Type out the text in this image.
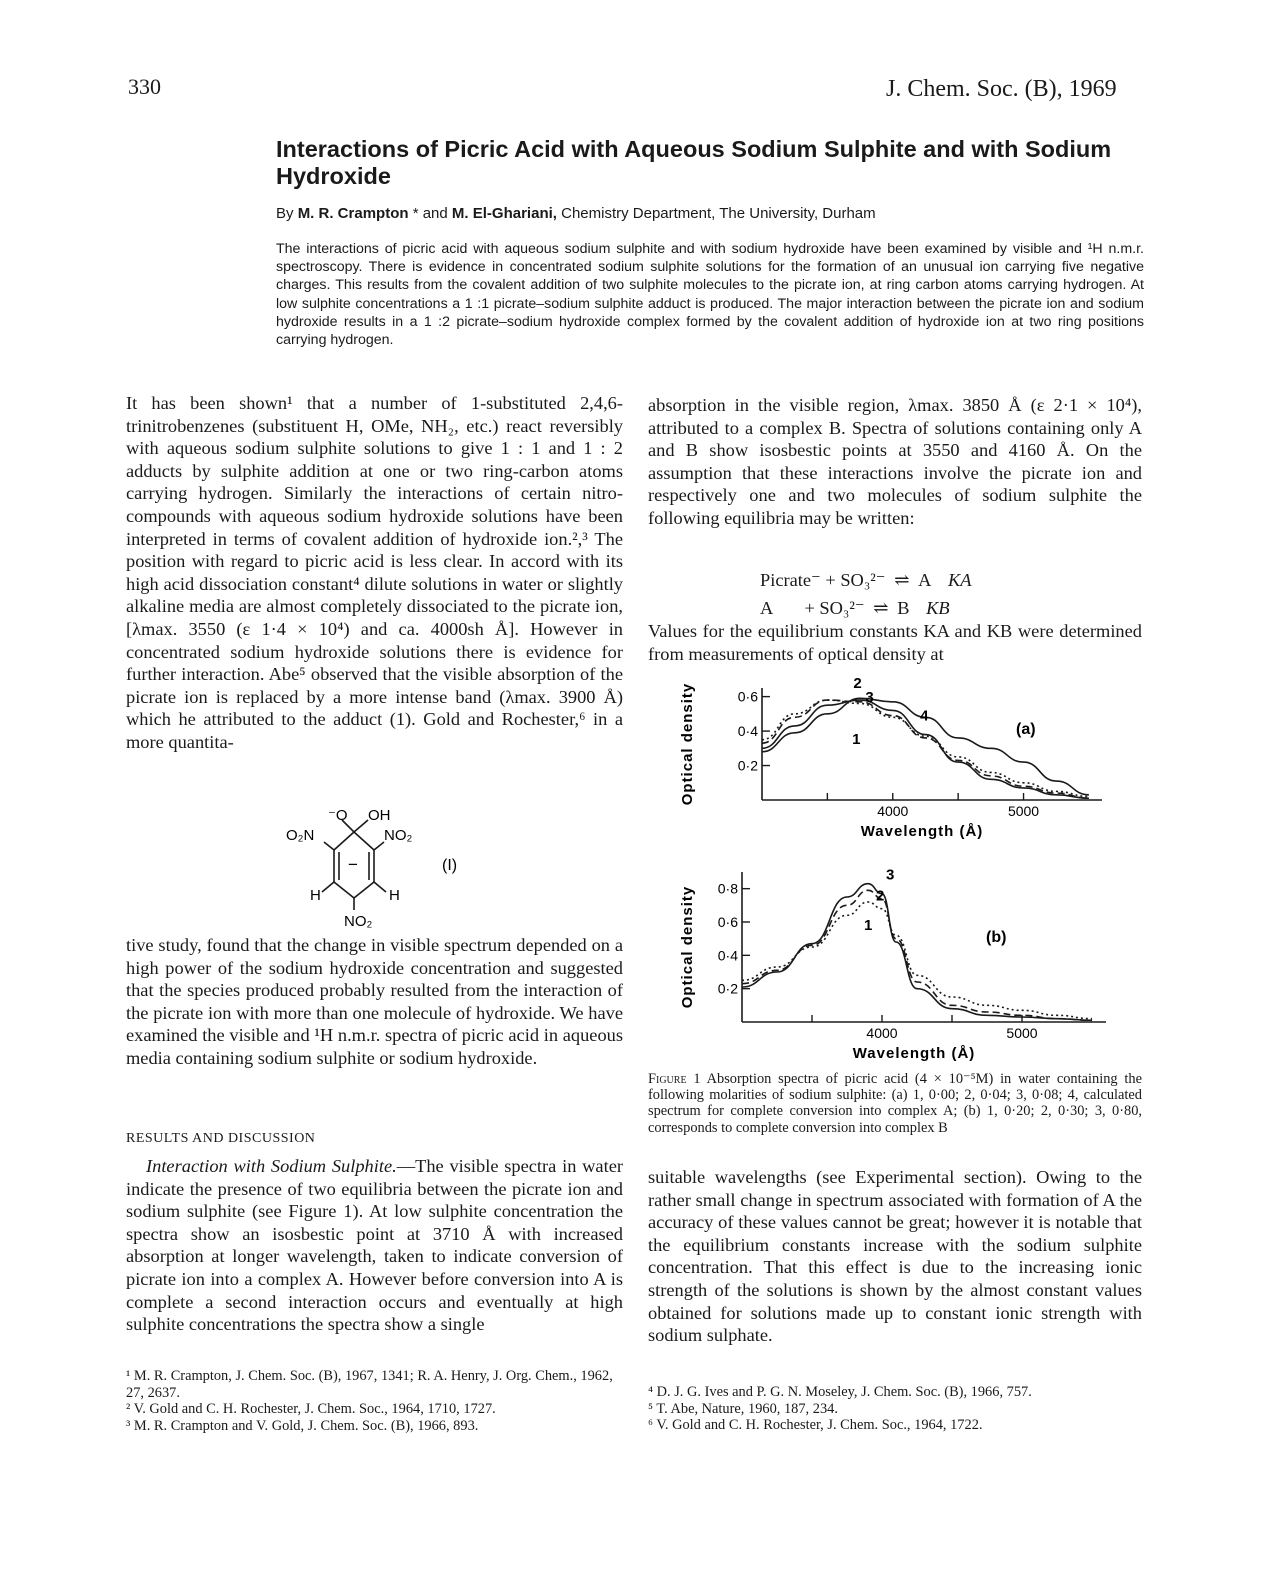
330	J. Chem. Soc. (B), 1969
Interactions of Picric Acid with Aqueous Sodium Sulphite and with Sodium Hydroxide
By M. R. Crampton * and M. El-Ghariani, Chemistry Department, The University, Durham
The interactions of picric acid with aqueous sodium sulphite and with sodium hydroxide have been examined by visible and ¹H n.m.r. spectroscopy. There is evidence in concentrated sodium sulphite solutions for the formation of an unusual ion carrying five negative charges. This results from the covalent addition of two sulphite molecules to the picrate ion, at ring carbon atoms carrying hydrogen. At low sulphite concentrations a 1 :1 picrate–sodium sulphite adduct is produced. The major interaction between the picrate ion and sodium hydroxide results in a 1 :2 picrate–sodium hydroxide complex formed by the covalent addition of hydroxide ion at two ring positions carrying hydrogen.

It has been shown¹ that a number of 1-substituted 2,4,6-trinitrobenzenes (substituent H, OMe, NH₂, etc.) react reversibly with aqueous sodium sulphite solutions to give 1 : 1 and 1 : 2 adducts by sulphite addition at one or two ring-carbon atoms carrying hydrogen. Similarly the interactions of certain nitro-compounds with aqueous sodium hydroxide solutions have been interpreted in terms of covalent addition of hydroxide ion.²,³ The position with regard to picric acid is less clear. In accord with its high acid dissociation constant⁴ dilute solutions in water or slightly alkaline media are almost completely dissociated to the picrate ion, [λmax. 3550 (ε 1·4 × 10⁴) and ca. 4000sh Å]. However in concentrated sodium hydroxide solutions there is evidence for further interaction. Abe⁵ observed that the visible absorption of the picrate ion is replaced by a more intense band (λmax. 3900 Å) which he attributed to the adduct (1). Gold and Rochester,⁶ in a more quantita-

⁻O OH
O₂N	NO₂
−
H	H
NO₂
(I)

tive study, found that the change in visible spectrum depended on a high power of the sodium hydroxide concentration and suggested that the species produced probably resulted from the interaction of the picrate ion with more than one molecule of hydroxide. We have examined the visible and ¹H n.m.r. spectra of picric acid in aqueous media containing sodium sulphite or sodium hydroxide.

RESULTS AND DISCUSSION

Interaction with Sodium Sulphite.—The visible spectra in water indicate the presence of two equilibria between the picrate ion and sodium sulphite (see Figure 1). At low sulphite concentration the spectra show an isosbestic point at 3710 Å with increased absorption at longer wavelength, taken to indicate conversion of picrate ion into a complex A. However before conversion into A is complete a second interaction occurs and eventually at high sulphite concentrations the spectra show a single

absorption in the visible region, λmax. 3850 Å (ε 2·1 × 10⁴), attributed to a complex B. Spectra of solutions containing only A and B show isosbestic points at 3550 and 4160 Å. On the assumption that these interactions involve the picrate ion and respectively one and two molecules of sodium sulphite the following equilibria may be written:

Picrate⁻ + SO₃²⁻ ⇌ A KA
A       + SO₃²⁻ ⇌ B KB

Values for the equilibrium constants KA and KB were determined from measurements of optical density at

0·2
0·4
0·6
4000	5000
Wavelength (Å)
Optical density	(a)
1
2
3
4
0·2
0·4
0·6
0·8
4000	5000
Wavelength (Å)
Optical density	(b)
1
2
3
Figure 1 Absorption spectra of picric acid (4 × 10⁻⁵M) in water containing the following molarities of sodium sulphite: (a) 1, 0·00; 2, 0·04; 3, 0·08; 4, calculated spectrum for complete conversion into complex A; (b) 1, 0·20; 2, 0·30; 3, 0·80, corresponds to complete conversion into complex B

suitable wavelengths (see Experimental section). Owing to the rather small change in spectrum associated with formation of A the accuracy of these values cannot be great; however it is notable that the equilibrium constants increase with the sodium sulphite concentration. That this effect is due to the increasing ionic strength of the solutions is shown by the almost constant values obtained for solutions made up to constant ionic strength with sodium sulphate.

¹ M. R. Crampton, J. Chem. Soc. (B), 1967, 1341; R. A. Henry, J. Org. Chem., 1962, 27, 2637.

² V. Gold and C. H. Rochester, J. Chem. Soc., 1964, 1710, 1727.

³ M. R. Crampton and V. Gold, J. Chem. Soc. (B), 1966, 893.

⁴ D. J. G. Ives and P. G. N. Moseley, J. Chem. Soc. (B), 1966, 757.

⁵ T. Abe, Nature, 1960, 187, 234.

⁶ V. Gold and C. H. Rochester, J. Chem. Soc., 1964, 1722.
